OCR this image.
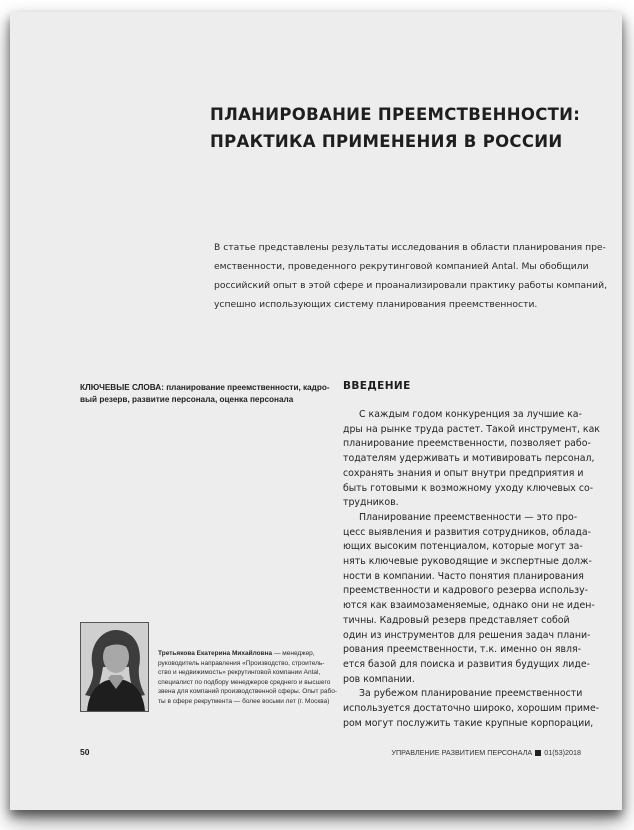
ПЛАНИРОВАНИЕ ПРЕЕМСТВЕННОСТИ:
ПРАКТИКА ПРИМЕНЕНИЯ В РОССИИ
В статье представлены результаты исследования в области планирования пре-
емственности, проведенного рекрутинговой компанией Antal. Мы обобщили
российский опыт в этой сфере и проанализировали практику работы компаний,
успешно использующих систему планирования преемственности.
КЛЮЧЕВЫЕ СЛОВА: планирование преемственности, кадро-
вый резерв, развитие персонала, оценка персонала
ВВЕДЕНИЕ
С каждым годом конкуренция за лучшие ка-
дры на рынке труда растет. Такой инструмент, как
планирование преемственности, позволяет рабо-
тодателям удерживать и мотивировать персонал,
сохранять знания и опыт внутри предприятия и
быть готовыми к возможному уходу ключевых со-
трудников.
Планирование преемственности — это про-
цесс выявления и развития сотрудников, облада-
ющих высоким потенциалом, которые могут за-
нять ключевые руководящие и экспертные долж-
ности в компании. Часто понятия планирования
преемственности и кадрового резерва использу-
ются как взаимозаменяемые, однако они не иден-
тичны. Кадровый резерв представляет собой
один из инструментов для решения задач плани-
рования преемственности, т.к. именно он явля-
ется базой для поиска и развития будущих лиде-
ров компании.
За рубежом планирование преемственности
используется достаточно широко, хорошим приме-
ром могут послужить такие крупные корпорации,
Третьякова Екатерина Михайловна — менеджер,
руководитель направления «Производство, строитель-
ство и недвижимость» рекрутинговой компании Antal,
специалист по подбору менеджеров среднего и высшего
звена для компаний производственной сферы. Опыт рабо-
ты в сфере рекрутмента — более восьми лет (г. Москва)
50	УПРАВЛЕНИЕ РАЗВИТИЕМ ПЕРСОНАЛА 01(53)2018
